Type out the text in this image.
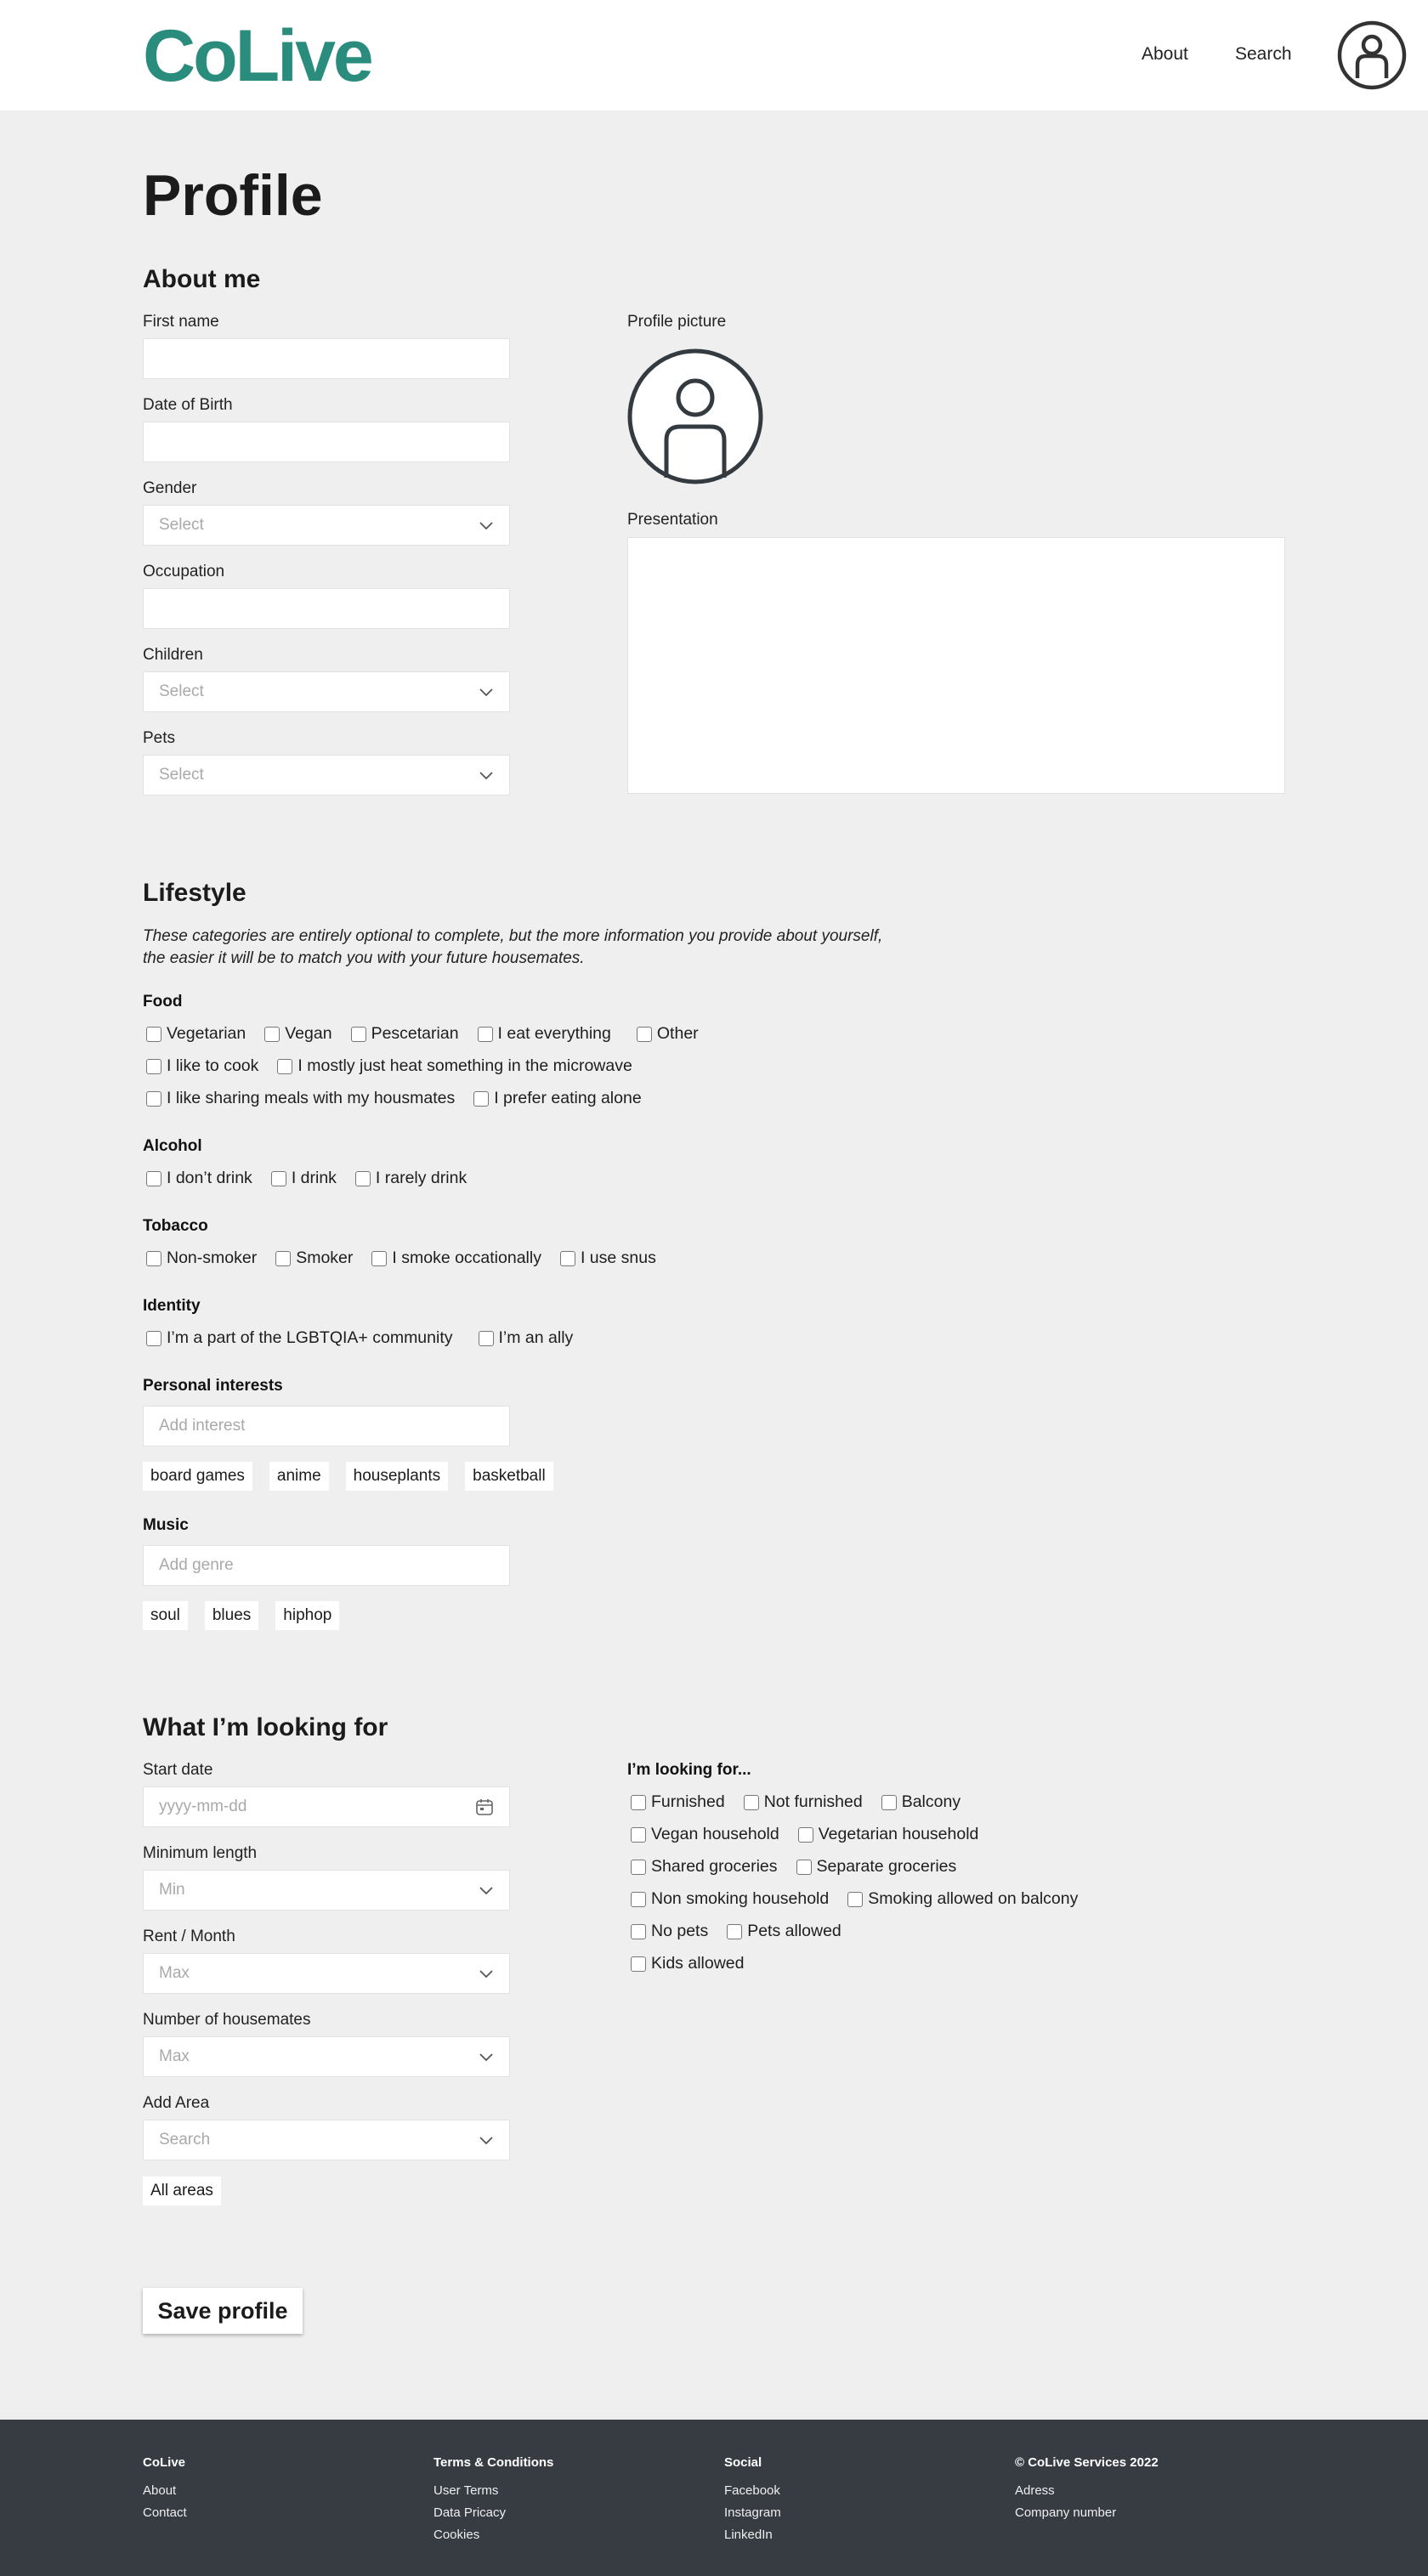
CoLive	About	Search
Profile
About me
First name
Date of Birth
Gender
Select
Occupation
Children
Select
Pets
Select
Profile picture
Presentation
Lifestyle
These categories are entirely optional to complete, but the more information you provide about yourself,
the easier it will be to match you with your future housemates.
Food
Vegetarian Vegan Pescetarian I eat everything	Other
I like to cook I mostly just heat something in the microwave
I like sharing meals with my housmates I prefer eating alone
Alcohol
I don’t drink I drink I rarely drink
Tobacco
Non-smoker Smoker I smoke occationally I use snus
Identity
I’m a part of the LGBTQIA+ community	I’m an ally
Personal interests
Add interest
board games	anime	houseplants	basketball
Music
Add genre
soul	blues	hiphop
What I’m looking for
Start date
yyyy-mm-dd
Minimum length
Min
Rent / Month
Max
Number of housemates
Max
Add Area
Search
All areas
I’m looking for...
Furnished Not furnished Balcony
Vegan household Vegetarian household
Shared groceries Separate groceries
Non smoking household Smoking allowed on balcony
No pets Pets allowed
Kids allowed
Save profile
CoLive
About
Contact
Terms & Conditions
User Terms
Data Pricacy
Cookies
Social
Facebook
Instagram
LinkedIn
© CoLive Services 2022
Adress
Company number
